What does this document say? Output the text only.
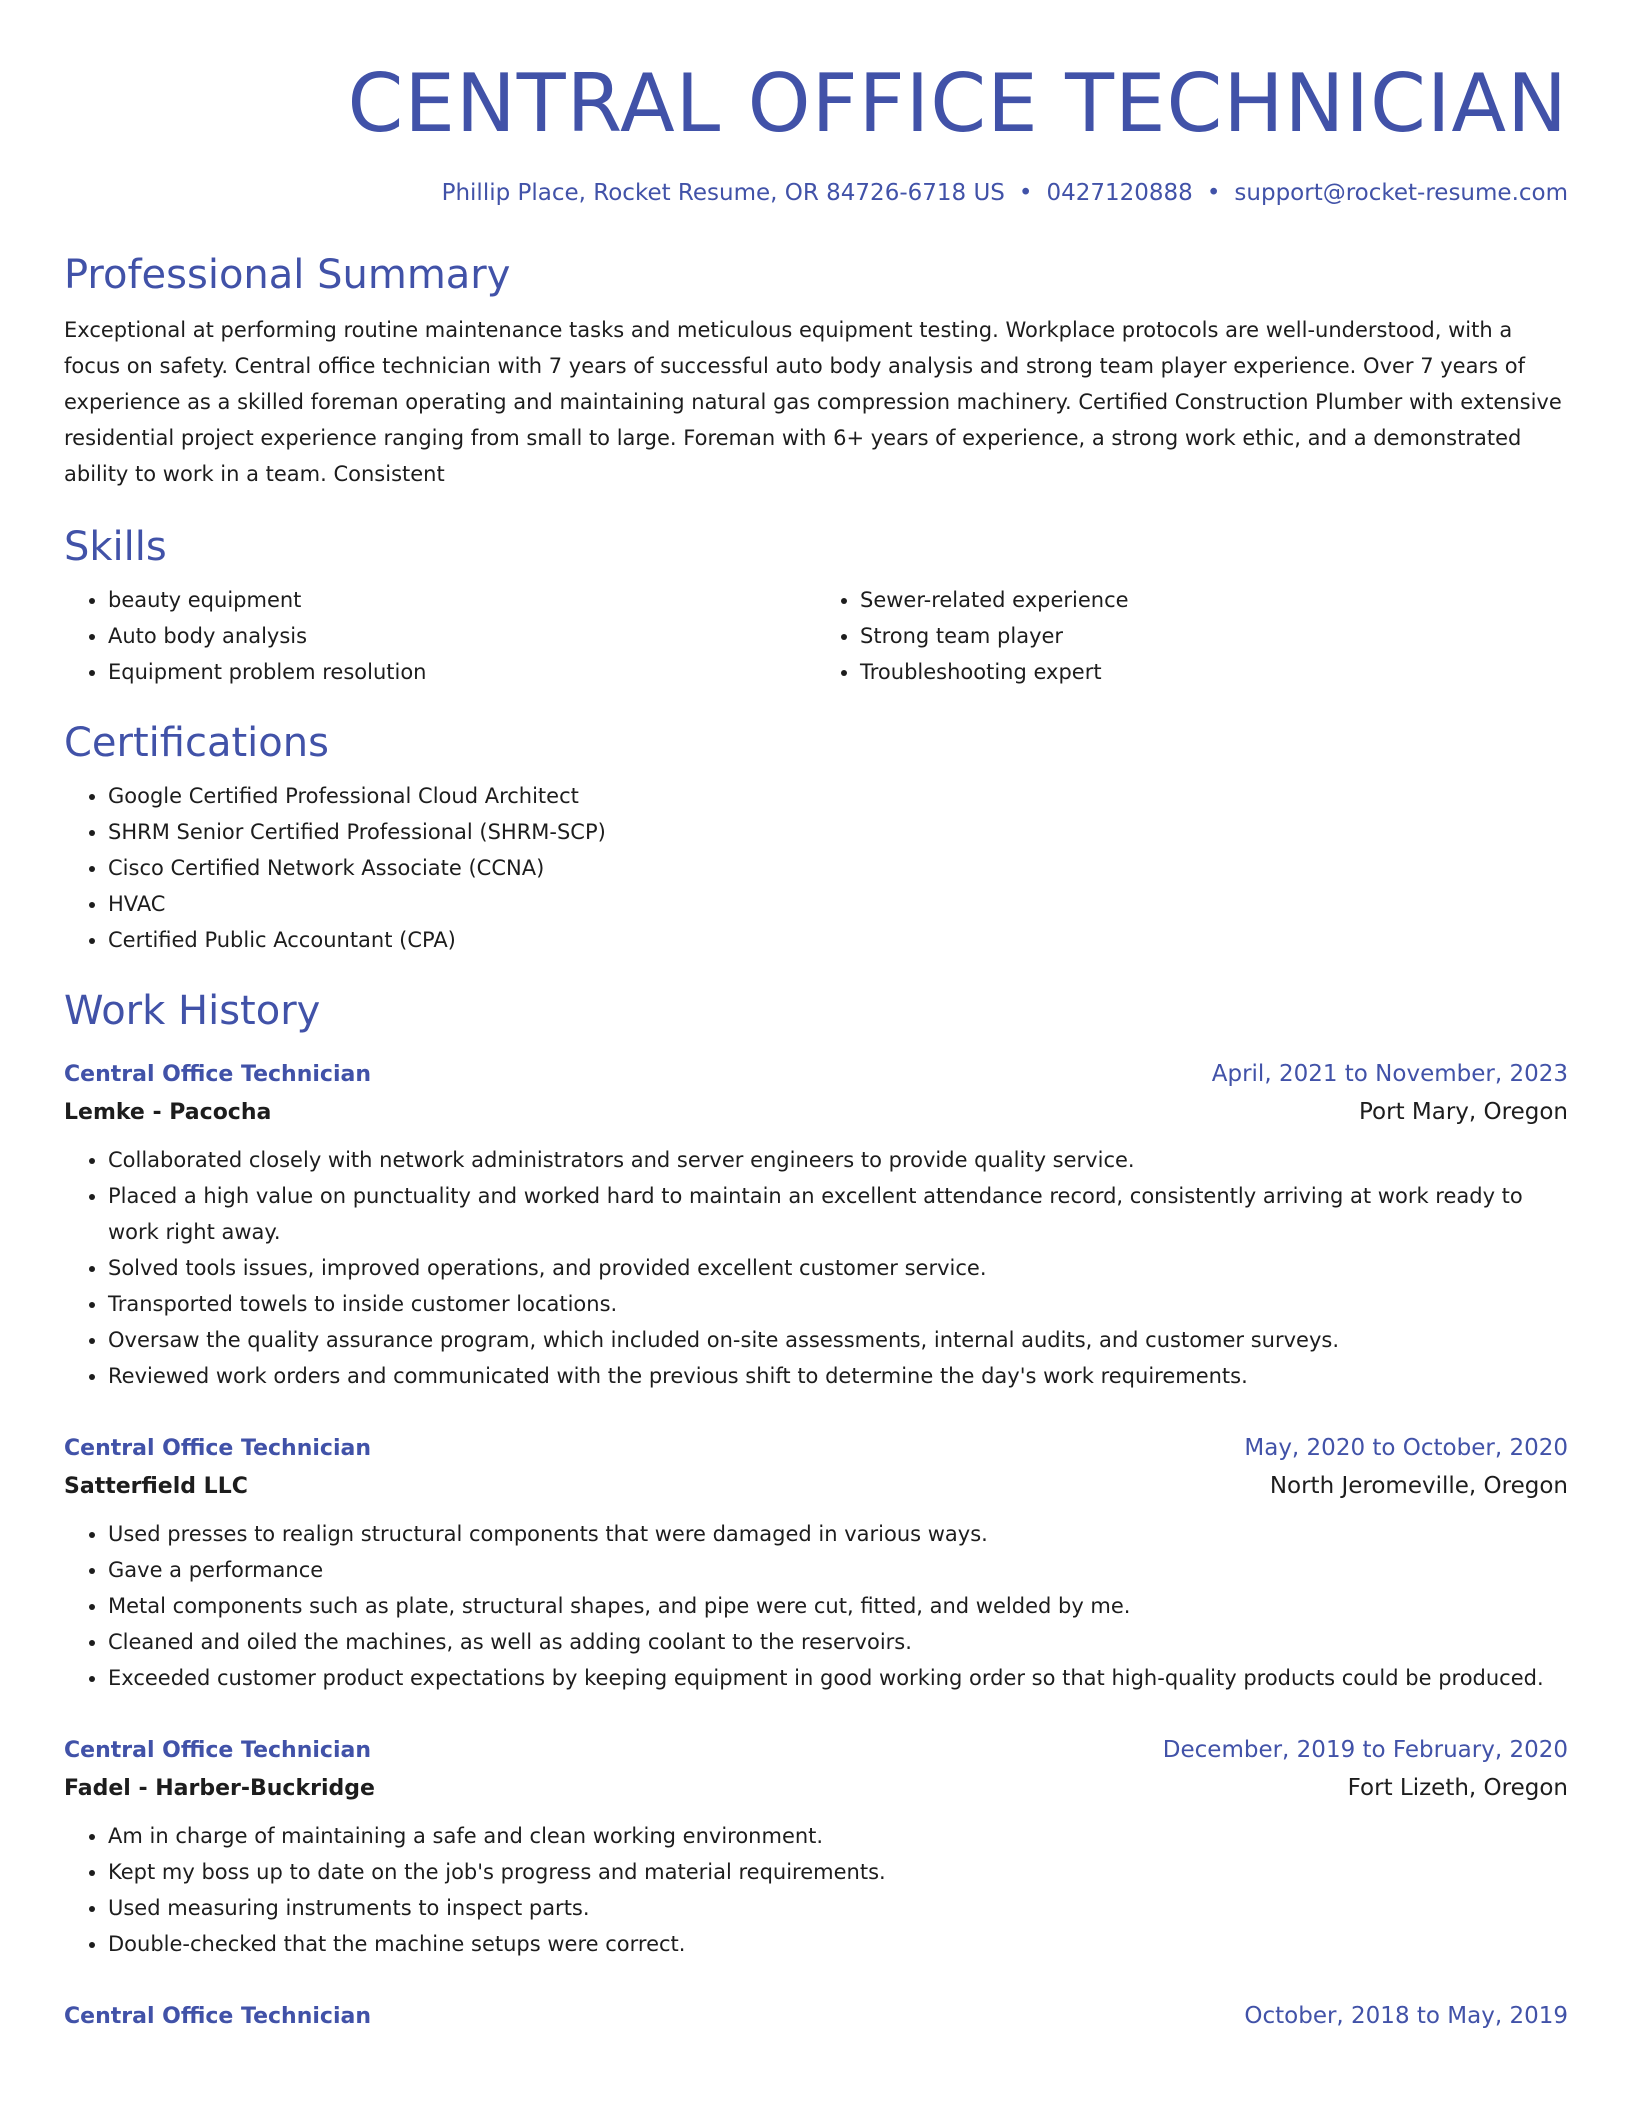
CENTRAL OFFICE TECHNICIAN
Phillip Place, Rocket Resume, OR 84726-6718 US • 0427120888 • support@rocket-resume.com
Professional Summary
Exceptional at performing routine maintenance tasks and meticulous equipment testing. Workplace protocols are well-understood, with a focus on safety. Central office technician with 7 years of successful auto body analysis and strong team player experience. Over 7 years of experience as a skilled foreman operating and maintaining natural gas compression machinery. Certified Construction Plumber with extensive residential project experience ranging from small to large. Foreman with 6+ years of experience, a strong work ethic, and a demonstrated ability to work in a team. Consistent
Skills
• beauty equipment
• Auto body analysis
• Equipment problem resolution
• Sewer-related experience
• Strong team player
• Troubleshooting expert
Certifications
• Google Certified Professional Cloud Architect
• SHRM Senior Certified Professional (SHRM-SCP)
• Cisco Certified Network Associate (CCNA)
• HVAC
• Certified Public Accountant (CPA)
Work History
Central Office Technician	April, 2021 to November, 2023
Lemke - Pacocha	Port Mary, Oregon
• Collaborated closely with network administrators and server engineers to provide quality service.
• Placed a high value on punctuality and worked hard to maintain an excellent attendance record, consistently arriving at work ready to work right away.
• Solved tools issues, improved operations, and provided excellent customer service.
• Transported towels to inside customer locations.
• Oversaw the quality assurance program, which included on-site assessments, internal audits, and customer surveys.
• Reviewed work orders and communicated with the previous shift to determine the day's work requirements.
Central Office Technician	May, 2020 to October, 2020
Satterfield LLC	North Jeromeville, Oregon
• Used presses to realign structural components that were damaged in various ways.
• Gave a performance
• Metal components such as plate, structural shapes, and pipe were cut, fitted, and welded by me.
• Cleaned and oiled the machines, as well as adding coolant to the reservoirs.
• Exceeded customer product expectations by keeping equipment in good working order so that high-quality products could be produced.
Central Office Technician	December, 2019 to February, 2020
Fadel - Harber-Buckridge	Fort Lizeth, Oregon
• Am in charge of maintaining a safe and clean working environment.
• Kept my boss up to date on the job's progress and material requirements.
• Used measuring instruments to inspect parts.
• Double-checked that the machine setups were correct.
Central Office Technician	October, 2018 to May, 2019
